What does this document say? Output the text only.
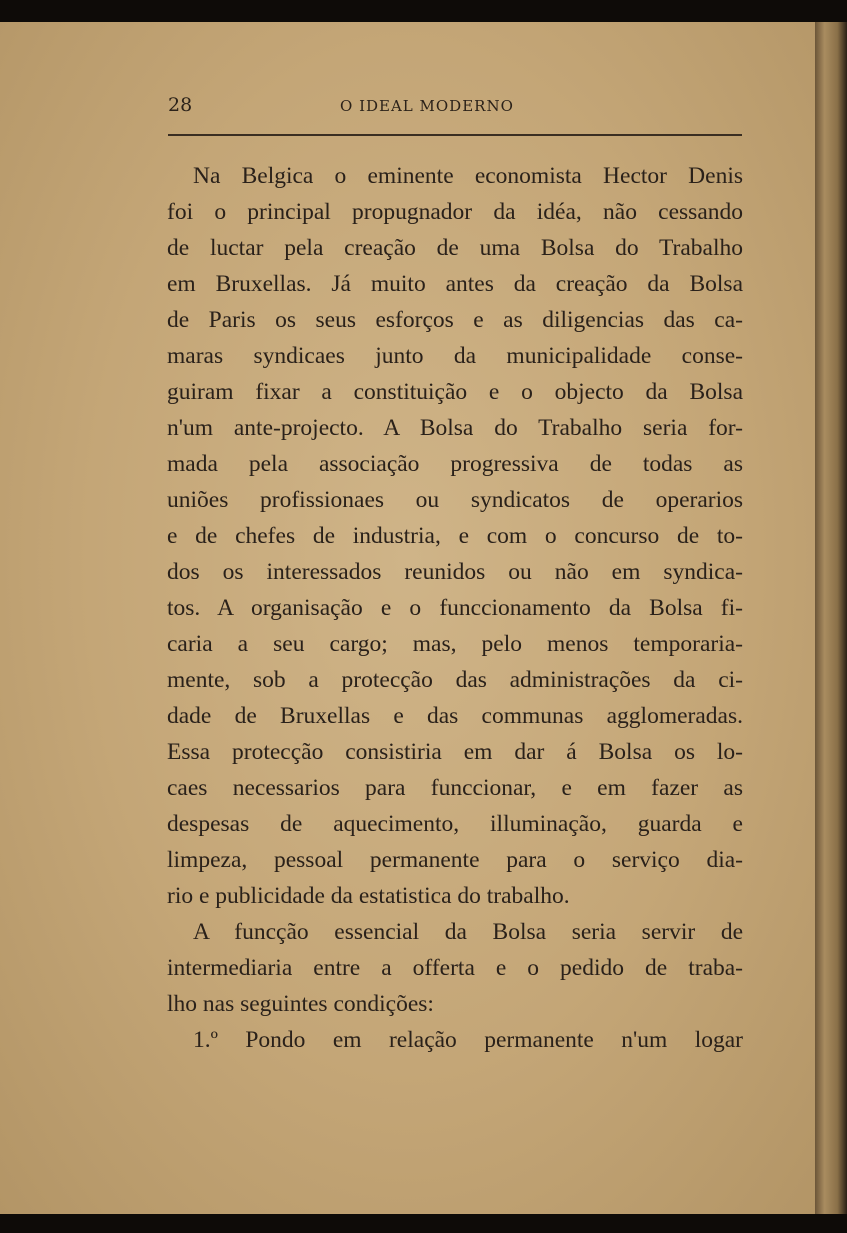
28	O IDEAL MODERNO
Na Belgica o eminente economista Hector Denis
foi o principal propugnador da idéa, não cessando
de luctar pela creação de uma Bolsa do Trabalho
em Bruxellas. Já muito antes da creação da Bolsa
de Paris os seus esforços e as diligencias das ca-
maras syndicaes junto da municipalidade conse-
guiram fixar a constituição e o objecto da Bolsa
n'um ante-projecto. A Bolsa do Trabalho seria for-
mada pela associação progressiva de todas as
uniões profissionaes ou syndicatos de operarios
e de chefes de industria, e com o concurso de to-
dos os interessados reunidos ou não em syndica-
tos. A organisação e o funccionamento da Bolsa fi-
caria a seu cargo; mas, pelo menos temporaria-
mente, sob a protecção das administrações da ci-
dade de Bruxellas e das communas agglomeradas.
Essa protecção consistiria em dar á Bolsa os lo-
caes necessarios para funccionar, e em fazer as
despesas de aquecimento, illuminação, guarda e
limpeza, pessoal permanente para o serviço dia-
rio e publicidade da estatistica do trabalho.
A funcção essencial da Bolsa seria servir de
intermediaria entre a offerta e o pedido de traba-
lho nas seguintes condições:
1.º Pondo em relação permanente n'um logar
